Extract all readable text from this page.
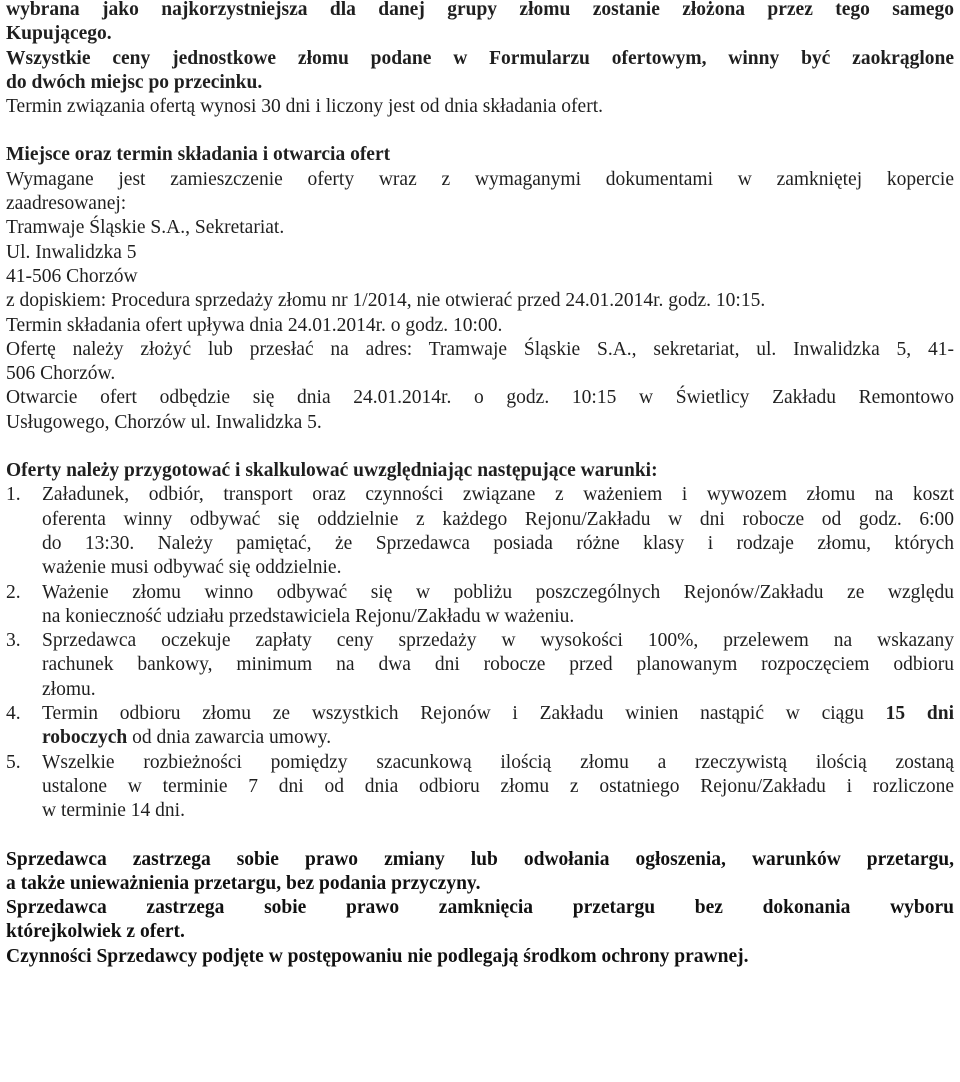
wybrana jako najkorzystniejsza dla danej grupy złomu zostanie złożona przez tego samego

Kupującego.

Wszystkie ceny jednostkowe złomu podane w Formularzu ofertowym, winny być zaokrąglone

do dwóch miejsc po przecinku.

Termin związania ofertą wynosi 30 dni i liczony jest od dnia składania ofert.

Miejsce oraz termin składania i otwarcia ofert

Wymagane jest zamieszczenie oferty wraz z wymaganymi dokumentami w zamkniętej kopercie

zaadresowanej:

Tramwaje Śląskie S.A., Sekretariat.

Ul. Inwalidzka 5

41-506 Chorzów

z dopiskiem: Procedura sprzedaży złomu nr 1/2014, nie otwierać przed 24.01.2014r. godz. 10:15.

Termin składania ofert upływa dnia 24.01.2014r. o godz. 10:00.

Ofertę należy złożyć lub przesłać na adres: Tramwaje Śląskie S.A., sekretariat, ul. Inwalidzka 5, 41-

506 Chorzów.

Otwarcie ofert odbędzie się dnia 24.01.2014r. o godz. 10:15 w Świetlicy Zakładu Remontowo

Usługowego, Chorzów ul. Inwalidzka 5.

Oferty należy przygotować i skalkulować uwzględniając następujące warunki:

1.	Załadunek, odbiór, transport oraz czynności związane z ważeniem i wywozem złomu na koszt

oferenta winny odbywać się oddzielnie z każdego Rejonu/Zakładu w dni robocze od godz. 6:00

do 13:30. Należy pamiętać, że Sprzedawca posiada różne klasy i rodzaje złomu, których

ważenie musi odbywać się oddzielnie.

2.	Ważenie złomu winno odbywać się w pobliżu poszczególnych Rejonów/Zakładu ze względu

na konieczność udziału przedstawiciela Rejonu/Zakładu w ważeniu.

3.	Sprzedawca oczekuje zapłaty ceny sprzedaży w wysokości 100%, przelewem na wskazany

rachunek bankowy, minimum na dwa dni robocze przed planowanym rozpoczęciem odbioru

złomu.

4.	Termin odbioru złomu ze wszystkich Rejonów i Zakładu winien nastąpić w ciągu 15 dni

roboczych od dnia zawarcia umowy.

5.	Wszelkie rozbieżności pomiędzy szacunkową ilością złomu a rzeczywistą ilością zostaną

ustalone w terminie 7 dni od dnia odbioru złomu z ostatniego Rejonu/Zakładu i rozliczone

w terminie 14 dni.

Sprzedawca zastrzega sobie prawo zmiany lub odwołania ogłoszenia, warunków przetargu,

a także unieważnienia przetargu, bez podania przyczyny.

Sprzedawca zastrzega sobie prawo zamknięcia przetargu bez dokonania wyboru

którejkolwiek z ofert.

Czynności Sprzedawcy podjęte w postępowaniu nie podlegają środkom ochrony prawnej.
